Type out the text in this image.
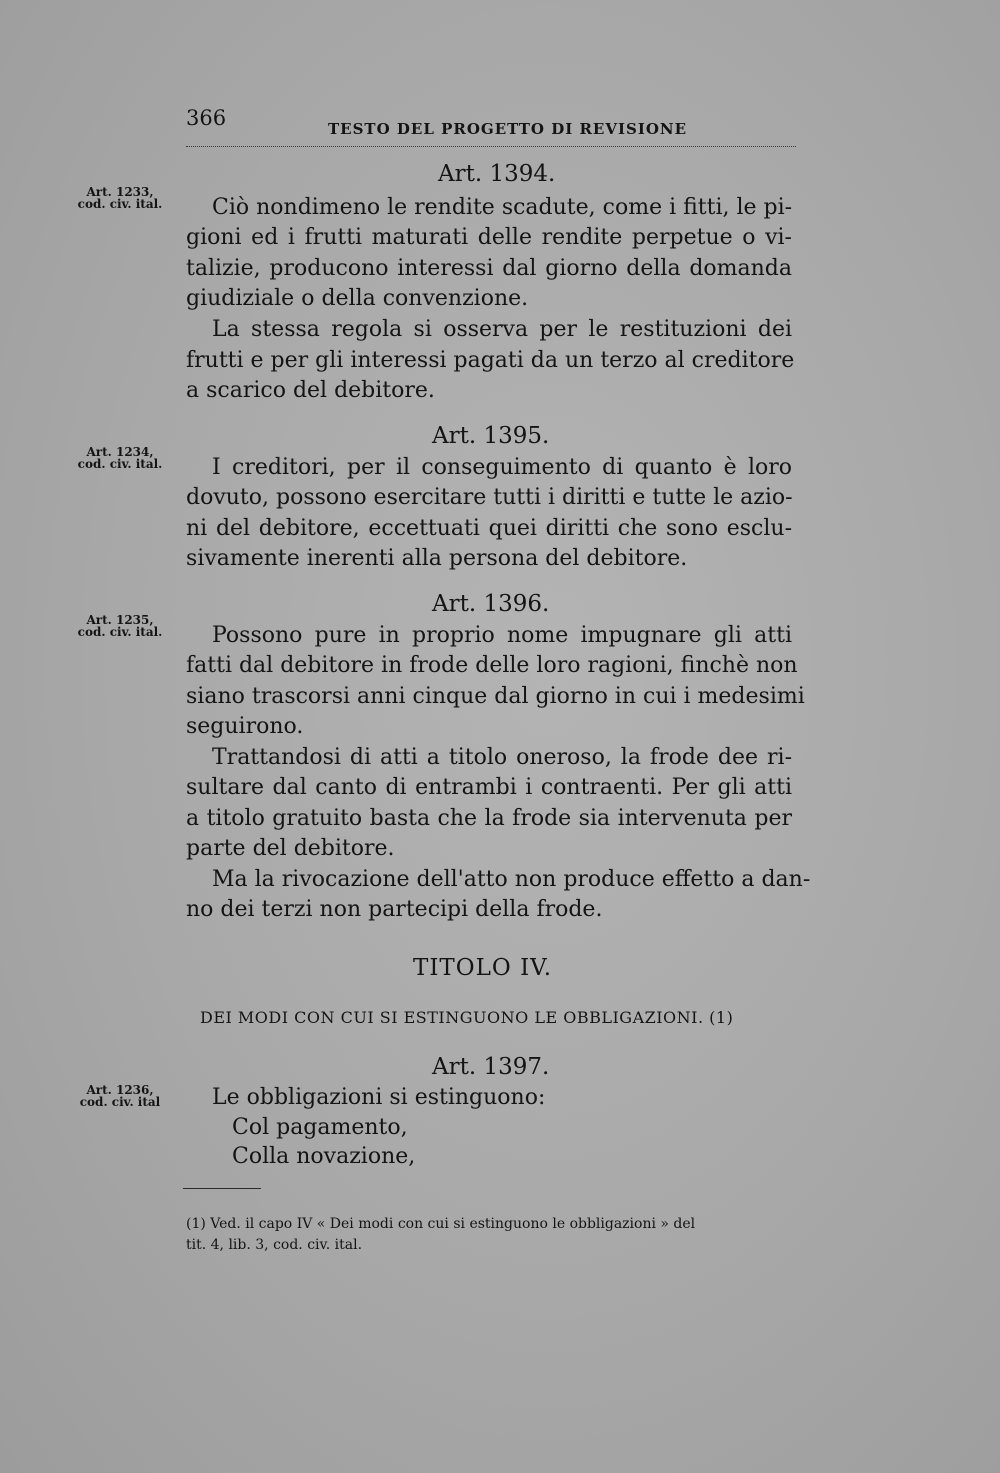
366	TESTO DEL PROGETTO DI REVISIONE
Art. 1233,
cod. civ. ital.
Art. 1234,
cod. civ. ital.
Art. 1235,
cod. civ. ital.
Art. 1236,
cod. civ. ital
Art. 1394.
Ciò nondimeno le rendite scadute, come i fitti, le pi-
gioni ed i frutti maturati delle rendite perpetue o vi-
talizie, producono interessi dal giorno della domanda
giudiziale o della convenzione.
La stessa regola si osserva per le restituzioni dei
frutti e per gli interessi pagati da un terzo al creditore
a scarico del debitore.
Art. 1395.
I creditori, per il conseguimento di quanto è loro
dovuto, possono esercitare tutti i diritti e tutte le azio-
ni del debitore, eccettuati quei diritti che sono esclu-
sivamente inerenti alla persona del debitore.
Art. 1396.
Possono pure in proprio nome impugnare gli atti
fatti dal debitore in frode delle loro ragioni, finchè non
siano trascorsi anni cinque dal giorno in cui i medesimi
seguirono.
Trattandosi di atti a titolo oneroso, la frode dee ri-
sultare dal canto di entrambi i contraenti. Per gli atti
a titolo gratuito basta che la frode sia intervenuta per
parte del debitore.
Ma la rivocazione dell'atto non produce effetto a dan-
no dei terzi non partecipi della frode.
TITOLO IV.
DEI MODI CON CUI SI ESTINGUONO LE OBBLIGAZIONI. (1)
Art. 1397.
Le obbligazioni si estinguono:
Col pagamento,
Colla novazione,
(1) Ved. il capo IV « Dei modi con cui si estinguono le obbligazioni » del
tit. 4, lib. 3, cod. civ. ital.
